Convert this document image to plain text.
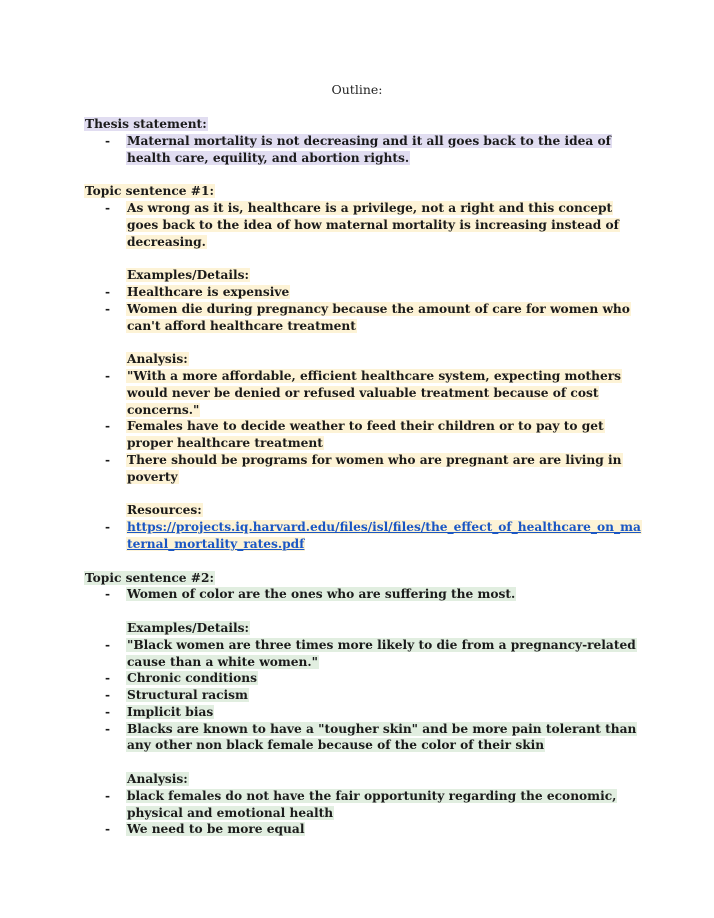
Outline:
Thesis statement:
- Maternal mortality is not decreasing and it all goes back to the idea of health care, equility, and abortion rights.
Topic sentence #1:
- As wrong as it is, healthcare is a privilege, not a right and this concept goes back to the idea of how maternal mortality is increasing instead of decreasing.
Examples/Details:
- Healthcare is expensive
- Women die during pregnancy because the amount of care for women who can't afford healthcare treatment
Analysis:
- "With a more affordable, efficient healthcare system, expecting mothers would never be denied or refused valuable treatment because of cost concerns."
- Females have to decide weather to feed their children or to pay to get proper healthcare treatment
- There should be programs for women who are pregnant are are living in poverty
Resources:
- https://projects.iq.harvard.edu/files/isl/files/the_effect_of_healthcare_on_maternal_mortality_rates.pdf
Topic sentence #2:
- Women of color are the ones who are suffering the most.
Examples/Details:
- "Black women are three times more likely to die from a pregnancy-related cause than a white women."
- Chronic conditions
- Structural racism
- Implicit bias
- Blacks are known to have a "tougher skin" and be more pain tolerant than any other non black female because of the color of their skin
Analysis:
- black females do not have the fair opportunity regarding the economic, physical and emotional health
- We need to be more equal
